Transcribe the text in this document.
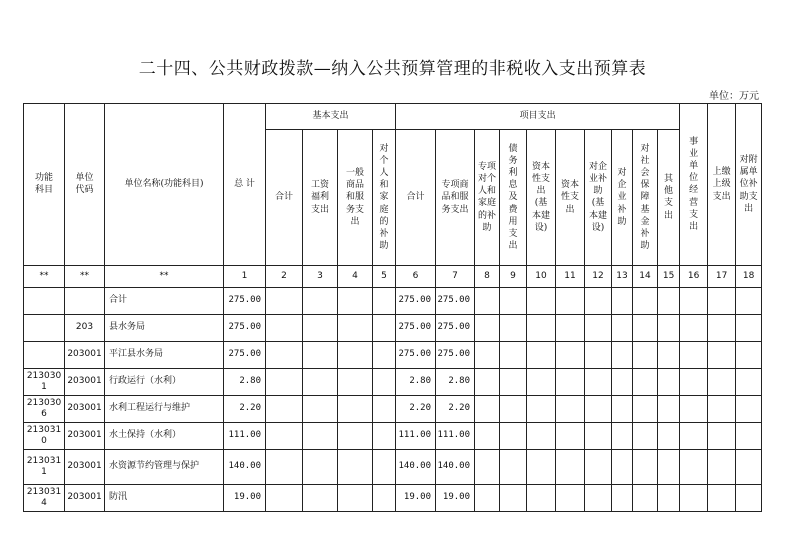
二十四、公共财政拨款—纳入公共预算管理的非税收入支出预算表
单位：万元
功能科目	单位代码	单位名称(功能科目)	总 计	基本支出				项目支出										事业单位经营支出	上缴上级支出	对附属单位补助支出
				合计	工资福利支出	一般商品和服务支出	对个人和家庭的补助	合计	专项商品和服务支出	专项对个人和家庭的补助	债务利息及费用支出	资本性支出(基本建设)	资本性支出	对企业补助(基本建设)	对企业补助	对社会保障基金补助	其他支出			
**	**	**	1	2	3	4	5	6	7	8	9	10	11	12	13	14	15	16	17	18
		合计	275.00					275.00	275.00											
	203	县水务局	275.00					275.00	275.00											
	203001	平江县水务局	275.00					275.00	275.00											
2130301	203001	行政运行（水利）	2.80					2.80	2.80											
2130306	203001	水利工程运行与维护	2.20					2.20	2.20											
2130310	203001	水土保持（水利）	111.00					111.00	111.00											
2130311	203001	水资源节约管理与保护	140.00					140.00	140.00											
2130314	203001	防汛	19.00					19.00	19.00											
